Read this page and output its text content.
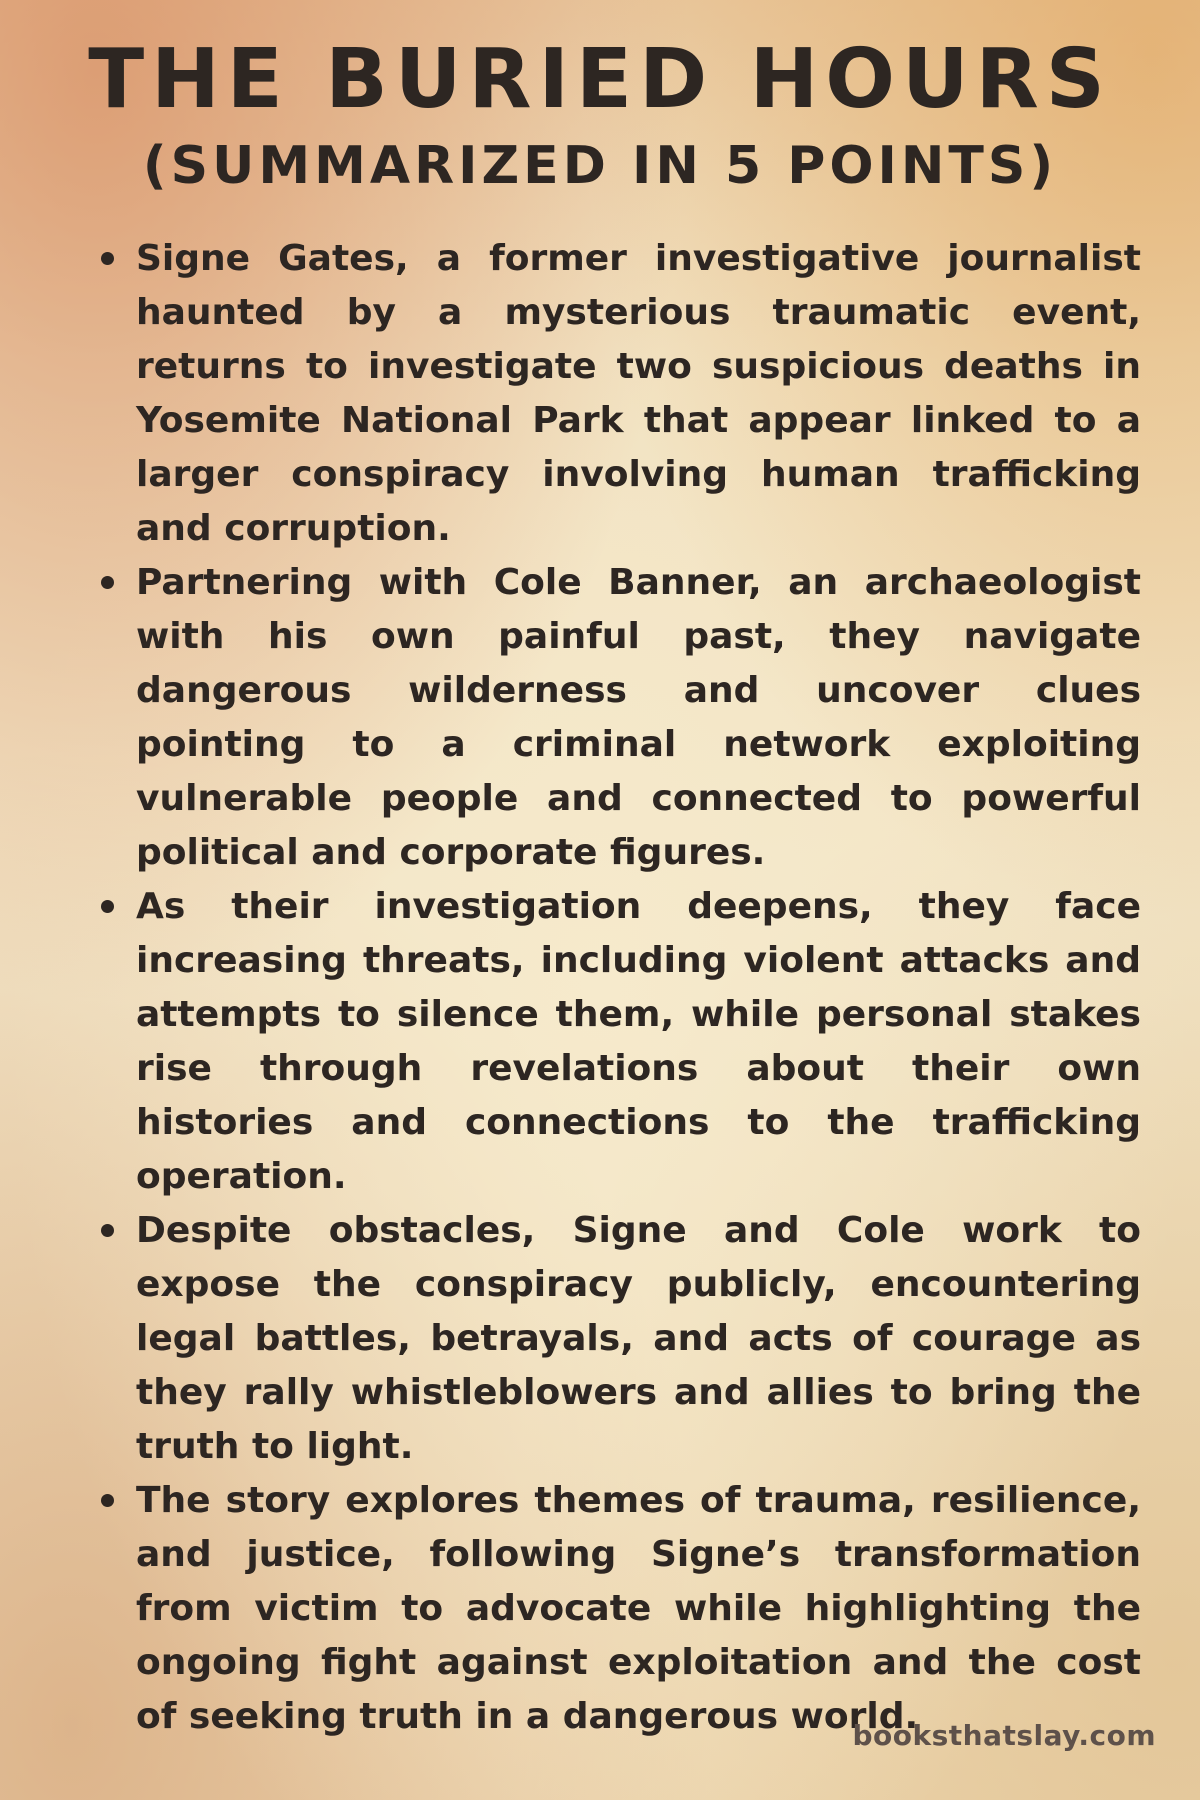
THE BURIED HOURS
(SUMMARIZED IN 5 POINTS)
Signe Gates, a former investigative journalist haunted by a mysterious traumatic event, returns to investigate two suspicious deaths in Yosemite National Park that appear linked to a larger conspiracy involving human trafficking and corruption.
Partnering with Cole Banner, an archaeologist with his own painful past, they navigate dangerous wilderness and uncover clues pointing to a criminal network exploiting vulnerable people and connected to powerful political and corporate figures.
As their investigation deepens, they face increasing threats, including violent attacks and attempts to silence them, while personal stakes rise through revelations about their own histories and connections to the trafficking operation.
Despite obstacles, Signe and Cole work to expose the conspiracy publicly, encountering legal battles, betrayals, and acts of courage as they rally whistleblowers and allies to bring the truth to light.
The story explores themes of trauma, resilience, and justice, following Signe’s transformation from victim to advocate while highlighting the ongoing fight against exploitation and the cost of seeking truth in a dangerous world.
booksthatslay.com
